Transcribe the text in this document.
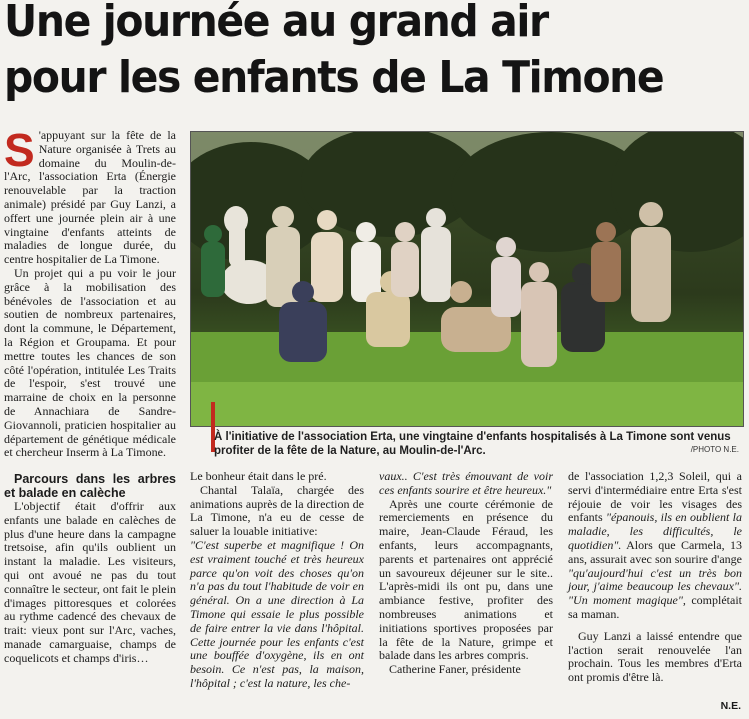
Une journée au grand air
pour les enfants de La Timone

S 'appuyant sur la fête de la Nature organisée à Trets au domaine du Moulin-de-l'Arc, l'association Erta (Énergie renouvelable par la traction animale) présidé par Guy Lanzi, a offert une journée plein air à une vingtaine d'enfants atteints de maladies de longue durée, du centre hospitalier de La Timone.

Un projet qui a pu voir le jour grâce à la mobilisation des bénévoles de l'association et au soutien de nombreux partenaires, dont la commune, le Département, la Région et Groupama. Et pour mettre toutes les chances de son côté l'opération, intitulée Les Traits de l'espoir, s'est trouvé une marraine de choix en la personne de Annachiara de Sandre-Giovannoli, praticien hospitalier au département de génétique médicale et chercheur Inserm à La Timone.

À l'initiative de l'association Erta, une vingtaine d'enfants hospitalisés à La Timone sont venus profiter de la fête de la Nature, au Moulin-de-l'Arc.	/PHOTO N.E.

Parcours dans les arbres et balade en calèche

L'objectif était d'offrir aux enfants une balade en calèches de plus d'une heure dans la campagne tretsoise, afin qu'ils oublient un instant la maladie. Les visiteurs, qui ont avoué ne pas du tout connaître le secteur, ont fait le plein d'images pittoresques et colorées au rythme cadencé des chevaux de trait: vieux pont sur l'Arc, vaches, manade camarguaise, champs de coquelicots et champs d'iris…

Le bonheur était dans le pré.

Chantal Talaïa, chargée des animations auprès de la direction de La Timone, n'a eu de cesse de saluer la louable initiative:

"C'est superbe et magnifique ! On est vraiment touché et très heureux parce qu'on voit des choses qu'on n'a pas du tout l'habitude de voir en général. On a une direction à La Timone qui essaie le plus possible de faire entrer la vie dans l'hôpital. Cette journée pour les enfants c'est une bouffée d'oxygène, ils en ont besoin. Ce n'est pas, la maison, l'hôpital ; c'est la nature, les che-

vaux.. C'est très émouvant de voir ces enfants sourire et être heureux."

Après une courte cérémonie de remerciements en présence du maire, Jean-Claude Féraud, les enfants, leurs accompagnants, parents et partenaires ont apprécié un savoureux déjeuner sur le site.. L'après-midi ils ont pu, dans une ambiance festive, profiter des nombreuses animations et initiations sportives proposées par la fête de la Nature, grimpe et balade dans les arbres compris.

Catherine Faner, présidente

de l'association 1,2,3 Soleil, qui a servi d'intermédiaire entre Erta s'est réjouie de voir les visages des enfants "épanouis, ils en oublient la maladie, les difficultés, le quotidien". Alors que Carmela, 13 ans, assurait avec son sourire d'ange "qu'aujourd'hui c'est un très bon jour, j'aime beaucoup les chevaux". "Un moment magique", complétait sa maman.

Guy Lanzi a laissé entendre que l'action serait renouvelée l'an prochain. Tous les membres d'Erta ont promis d'être là.

N.E.
